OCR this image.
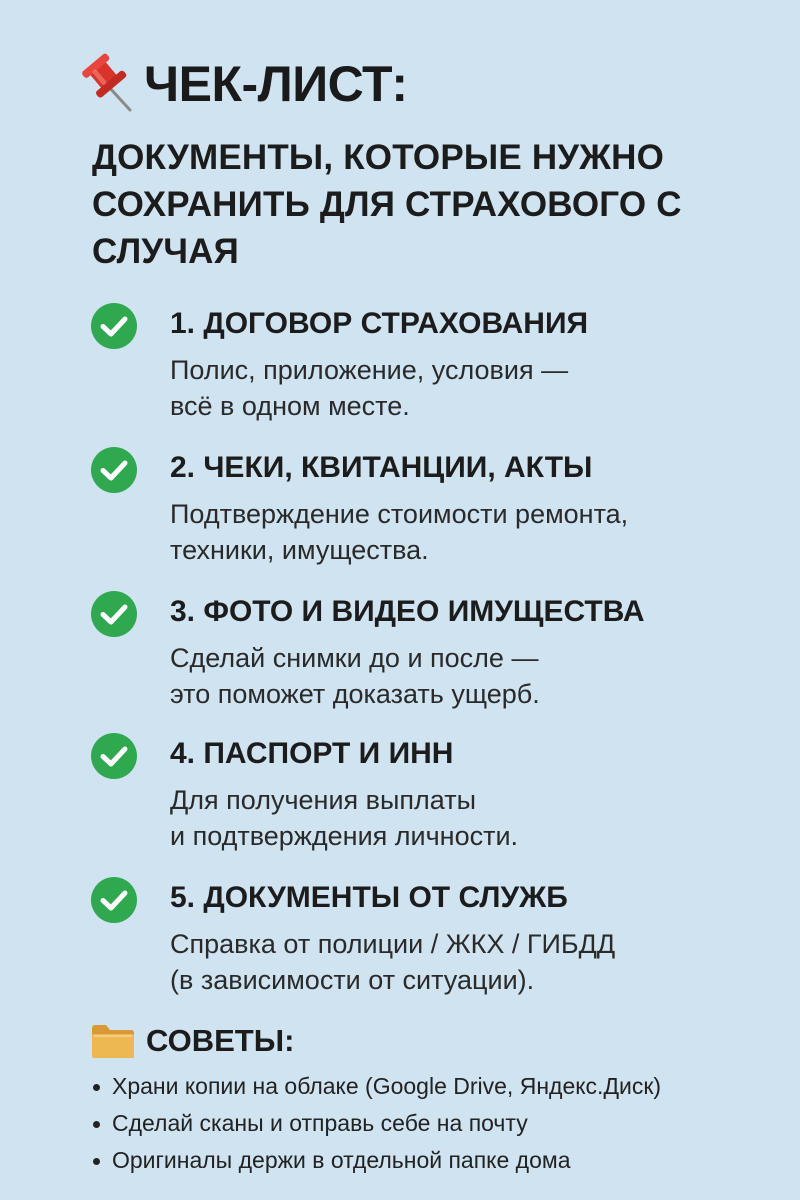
ЧЕК-ЛИСТ:
ДОКУМЕНТЫ, КОТОРЫЕ НУЖНО
СОХРАНИТЬ ДЛЯ СТРАХОВОГО С
СЛУЧАЯ
1. ДОГОВОР СТРАХОВАНИЯ
Полис, приложение, условия —
всё в одном месте.
2. ЧЕКИ, КВИТАНЦИИ, АКТЫ
Подтверждение стоимости ремонта,
техники, имущества.
3. ФОТО И ВИДЕО ИМУЩЕСТВА
Сделай снимки до и после —
это поможет доказать ущерб.
4. ПАСПОРТ И ИНН
Для получения выплаты
и подтверждения личности.
5. ДОКУМЕНТЫ ОТ СЛУЖБ
Справка от полиции / ЖКХ / ГИБДД
(в зависимости от ситуации).
СОВЕТЫ:
Храни копии на облаке (Google Drive, Яндекс.Диск)
Сделай сканы и отправь себе на почту
Оригиналы держи в отдельной папке дома
